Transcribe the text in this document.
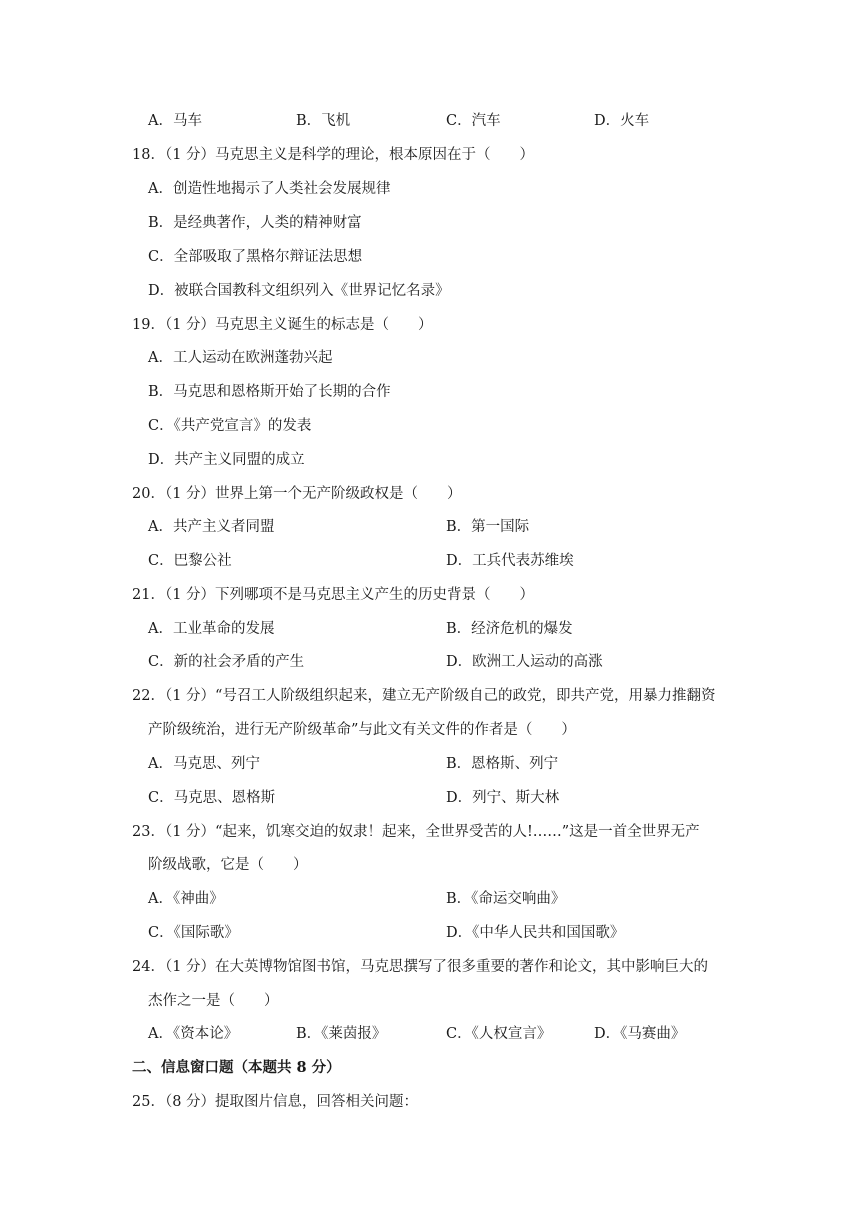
A．马车	B．飞机	C．汽车	D．火车
18．（1 分）马克思主义是科学的理论，根本原因在于（　　）
A．创造性地揭示了人类社会发展规律
B．是经典著作，人类的精神财富
C．全部吸取了黑格尔辩证法思想
D．被联合国教科文组织列入《世界记忆名录》
19．（1 分）马克思主义诞生的标志是（　　）
A．工人运动在欧洲蓬勃兴起
B．马克思和恩格斯开始了长期的合作
C．《共产党宣言》的发表
D．共产主义同盟的成立
20．（1 分）世界上第一个无产阶级政权是（　　）
A．共产主义者同盟	B．第一国际
C．巴黎公社	D．工兵代表苏维埃
21．（1 分）下列哪项不是马克思主义产生的历史背景（　　）
A．工业革命的发展	B．经济危机的爆发
C．新的社会矛盾的产生	D．欧洲工人运动的高涨
22．（1 分）“号召工人阶级组织起来，建立无产阶级自己的政党，即共产党，用暴力推翻资
产阶级统治，进行无产阶级革命”与此文有关文件的作者是（　　）
A．马克思、列宁	B．恩格斯、列宁
C．马克思、恩格斯	D．列宁、斯大林
23．（1 分）“起来，饥寒交迫的奴隶！起来，全世界受苦的人!……”这是一首全世界无产
阶级战歌，它是（　　）
A．《神曲》	B．《命运交响曲》
C．《国际歌》	D．《中华人民共和国国歌》
24．（1 分）在大英博物馆图书馆，马克思撰写了很多重要的著作和论文，其中影响巨大的
杰作之一是（　　）
A．《资本论》	B．《莱茵报》	C．《人权宣言》	D．《马赛曲》
二、信息窗口题（本题共 8 分）
25．（8 分）提取图片信息，回答相关问题：
